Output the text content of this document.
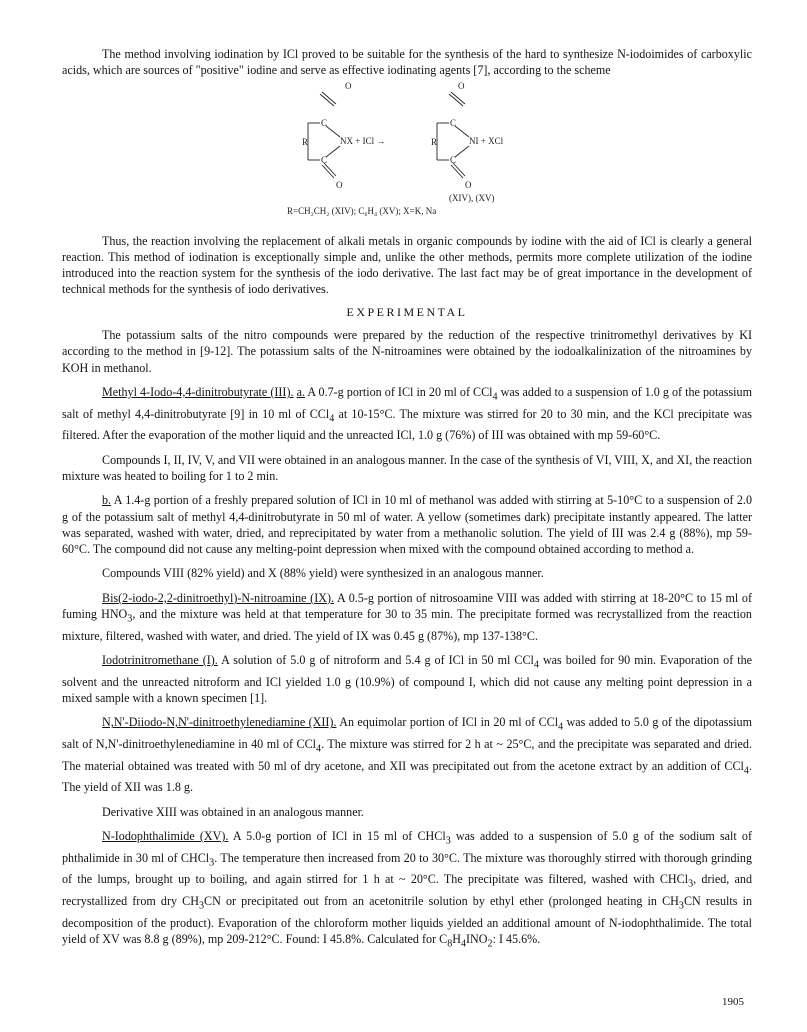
The method involving iodination by ICl proved to be suitable for the synthesis of the hard to synthesize N-iodoimides of carboxylic acids, which are sources of "positive" iodine and serve as effective iodinating agents [7], according to the scheme

O
C
R	NX + ICl →
C
O
O
C
R	NI + XCl
C
O
(XIV), (XV)
R=CH₂CH₂ (XIV); C₆H₄ (XV); X=K, Na

Thus, the reaction involving the replacement of alkali metals in organic compounds by iodine with the aid of ICl is clearly a general reaction. This method of iodination is exceptionally simple and, unlike the other methods, permits more complete utilization of the iodine introduced into the reaction system for the synthesis of the iodo derivative. The last fact may be of great importance in the development of technical methods for the synthesis of iodo derivatives.

EXPERIMENTAL

The potassium salts of the nitro compounds were prepared by the reduction of the respective trinitromethyl derivatives by KI according to the method in [9-12]. The potassium salts of the N-nitroamines were obtained by the iodoalkalinization of the nitroamines by KOH in methanol.

Methyl 4-Iodo-4,4-dinitrobutyrate (III). a. A 0.7-g portion of ICl in 20 ml of CCl$_4$ was added to a suspension of 1.0 g of the potassium salt of methyl 4,4-dinitrobutyrate [9] in 10 ml of CCl$_4$ at 10-15°C. The mixture was stirred for 20 to 30 min, and the KCl precipitate was filtered. After the evaporation of the mother liquid and the unreacted ICl, 1.0 g (76%) of III was obtained with mp 59-60°C.

Compounds I, II, IV, V, and VII were obtained in an analogous manner. In the case of the synthesis of VI, VIII, X, and XI, the reaction mixture was heated to boiling for 1 to 2 min.

b. A 1.4-g portion of a freshly prepared solution of ICl in 10 ml of methanol was added with stirring at 5-10°C to a suspension of 2.0 g of the potassium salt of methyl 4,4-dinitrobutyrate in 50 ml of water. A yellow (sometimes dark) precipitate instantly appeared. The latter was separated, washed with water, dried, and reprecipitated by water from a methanolic solution. The yield of III was 2.4 g (88%), mp 59-60°C. The compound did not cause any melting-point depression when mixed with the compound obtained according to method a.

Compounds VIII (82% yield) and X (88% yield) were synthesized in an analogous manner.

Bis(2-iodo-2,2-dinitroethyl)-N-nitroamine (IX). A 0.5-g portion of nitrosoamine VIII was added with stirring at 18-20°C to 15 ml of fuming $HNO_3$, and the mixture was held at that temperature for 30 to 35 min. The precipitate formed was recrystallized from the reaction mixture, filtered, washed with water, and dried. The yield of IX was 0.45 g (87%), mp 137-138°C.

Iodotrinitromethane (I). A solution of 5.0 g of nitroform and 5.4 g of ICl in 50 ml CCl$_4$ was boiled for 90 min. Evaporation of the solvent and the unreacted nitroform and ICl yielded 1.0 g (10.9%) of compound I, which did not cause any melting point depression in a mixed sample with a known specimen [1].

N,N'-Diiodo-N,N'-dinitroethylenediamine (XII). An equimolar portion of ICl in 20 ml of CCl$_4$ was added to 5.0 g of the dipotassium salt of N,N'-dinitroethylenediamine in 40 ml of CCl$_4$. The mixture was stirred for 2 h at ~ 25°C, and the precipitate was separated and dried. The material obtained was treated with 50 ml of dry acetone, and XII was precipitated out from the acetone extract by an addition of CCl$_4$. The yield of XII was 1.8 g.

Derivative XIII was obtained in an analogous manner.

N-Iodophthalimide (XV). A 5.0-g portion of ICl in 15 ml of CHCl$_3$ was added to a suspension of 5.0 g of the sodium salt of phthalimide in 30 ml of CHCl$_3$. The temperature then increased from 20 to 30°C. The mixture was thoroughly stirred with thorough grinding of the lumps, brought up to boiling, and again stirred for 1 h at ~ 20°C. The precipitate was filtered, washed with CHCl$_3$, dried, and recrystallized from dry $CH_3CN$ or precipitated out from an acetonitrile solution by ethyl ether (prolonged heating in $CH_3CN$ results in decomposition of the product). Evaporation of the chloroform mother liquids yielded an additional amount of N-iodophthalimide. The total yield of XV was 8.8 g (89%), mp 209-212°C. Found: I 45.8%. Calculated for $C_8H_4INO_2$: I 45.6%.

1905
